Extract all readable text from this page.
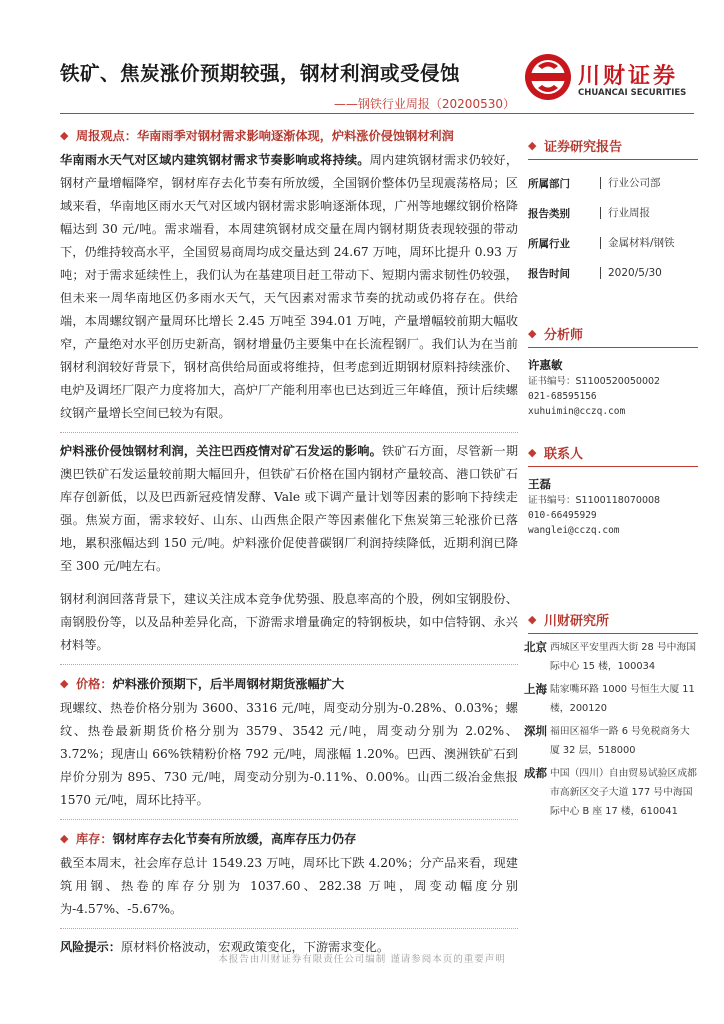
铁矿、焦炭涨价预期较强，钢材利润或受侵蚀
——钢铁行业周报（20200530）
川财证券
CHUANCAI SECURITIES
◆ 周报观点： 华南雨季对钢材需求影响逐渐体现，炉料涨价侵蚀钢材利润
华南雨水天气对区域内建筑钢材需求节奏影响或将持续。周内建筑钢材需求仍较好，钢材产量增幅降窄，钢材库存去化节奏有所放缓，全国钢价整体仍呈现震荡格局；区域来看，华南地区雨水天气对区域内钢材需求影响逐渐体现，广州等地螺纹钢价格降幅达到 30 元/吨。需求端看，本周建筑钢材成交量在周内钢材期货表现较强的带动下，仍维持较高水平，全国贸易商周均成交量达到 24.67 万吨，周环比提升 0.93 万吨；对于需求延续性上，我们认为在基建项目赶工带动下、短期内需求韧性仍较强，但未来一周华南地区仍多雨水天气，天气因素对需求节奏的扰动或仍将存在。供给端，本周螺纹钢产量周环比增长 2.45 万吨至 394.01 万吨，产量增幅较前期大幅收窄，产量绝对水平创历史新高，钢材增量仍主要集中在长流程钢厂。我们认为在当前钢材利润较好背景下，钢材高供给局面或将维持，但考虑到近期钢材原料持续涨价、电炉及调坯厂限产力度将加大，高炉厂产能利用率也已达到近三年峰值，预计后续螺纹钢产量增长空间已较为有限。
炉料涨价侵蚀钢材利润，关注巴西疫情对矿石发运的影响。铁矿石方面，尽管新一期澳巴铁矿石发运量较前期大幅回升，但铁矿石价格在国内钢材产量较高、港口铁矿石库存创新低，以及巴西新冠疫情发酵、Vale 或下调产量计划等因素的影响下持续走强。焦炭方面，需求较好、山东、山西焦企限产等因素催化下焦炭第三轮涨价已落地，累积涨幅达到 150 元/吨。炉料涨价促使普碳钢厂利润持续降低，近期利润已降至 300 元/吨左右。
钢材利润回落背景下，建议关注成本竞争优势强、股息率高的个股，例如宝钢股份、南钢股份等，以及品种差异化高，下游需求增量确定的特钢板块，如中信特钢、永兴材料等。
◆ 价格： 炉料涨价预期下，后半周钢材期货涨幅扩大
现螺纹、热卷价格分别为 3600、3316 元/吨，周变动分别为-0.28%、0.03%；螺纹、热卷最新期货价格分别为 3579、3542 元/吨，周变动分别为 2.02%、3.72%；现唐山 66%铁精粉价格 792 元/吨，周涨幅 1.20%。巴西、澳洲铁矿石到岸价分别为 895、730 元/吨，周变动分别为-0.11%、0.00%。山西二级冶金焦报 1570 元/吨，周环比持平。
◆ 库存： 钢材库存去化节奏有所放缓，高库存压力仍存
截至本周末，社会库存总计 1549.23 万吨，周环比下跌 4.20%；分产品来看，现建筑用钢、热卷的库存分别为 1037.60、282.38 万吨，周变动幅度分别为-4.57%、-5.67%。
风险提示：原材料价格波动，宏观政策变化，下游需求变化。
◆ 证券研究报告
所属部门	行业公司部
报告类别	行业周报
所属行业	金属材料/钢铁
报告时间	2020/5/30
◆ 分析师
许惠敏
证书编号：S1100520050002
021-68595156
xuhuimin@cczq.com
◆ 联系人
王磊
证书编号：S1100118070008
010-66495929
wanglei@cczq.com
◆ 川财研究所
北京 西城区平安里西大街 28 号中海国际中心 15 楼，100034
上海 陆家嘴环路 1000 号恒生大厦 11 楼，200120
深圳 福田区福华一路 6 号免税商务大厦 32 层，518000
成都 中国（四川）自由贸易试验区成都市高新区交子大道 177 号中海国际中心 B 座 17 楼，610041
本报告由川财证券有限责任公司编制 谨请参阅本页的重要声明
